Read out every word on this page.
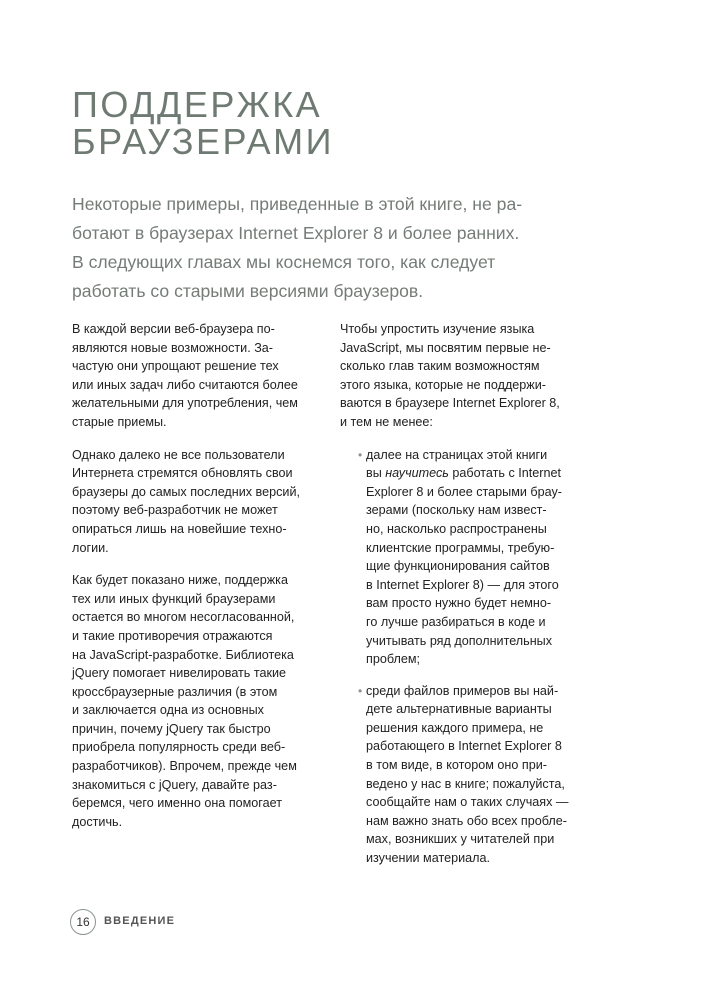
ПОДДЕРЖКА
БРАУЗЕРАМИ
Некоторые примеры, приведенные в этой книге, не ра-
ботают в браузерах Internet Explorer 8 и более ранних.
В следующих главах мы коснемся того, как следует
работать со старыми версиями браузеров.
В каждой версии веб-браузера по-
являются новые возможности. За-
частую они упрощают решение тех
или иных задач либо считаются более
желательными для употребления, чем
старые приемы.
Однако далеко не все пользователи
Интернета стремятся обновлять свои
браузеры до самых последних версий,
поэтому веб-разработчик не может
опираться лишь на новейшие техно-
логии.
Как будет показано ниже, поддержка
тех или иных функций браузерами
остается во многом несогласованной,
и такие противоречия отражаются
на JavaScript-разработке. Библиотека
jQuery помогает нивелировать такие
кроссбраузерные различия (в этом
и заключается одна из основных
причин, почему jQuery так быстро
приобрела популярность среди веб-
разработчиков). Впрочем, прежде чем
знакомиться с jQuery, давайте раз-
беремся, чего именно она помогает
достичь.
Чтобы упростить изучение языка
JavaScript, мы посвятим первые не-
сколько глав таким возможностям
этого языка, которые не поддержи-
ваются в браузере Internet Explorer 8,
и тем не менее:
• далее на страницах этой книги
вы научитесь работать с Internet
Explorer 8 и более старыми брау-
зерами (поскольку нам извест-
но, насколько распространены
клиентские программы, требую-
щие функционирования сайтов
в Internet Explorer 8) — для этого
вам просто нужно будет немно-
го лучше разбираться в коде и
учитывать ряд дополнительных
проблем;
• среди файлов примеров вы най-
дете альтернативные варианты
решения каждого примера, не
работающего в Internet Explorer 8
в том виде, в котором оно при-
ведено у нас в книге; пожалуйста,
сообщайте нам о таких случаях —
нам важно знать обо всех пробле-
мах, возникших у читателей при
изучении материала.
16	ВВЕДЕНИЕ
